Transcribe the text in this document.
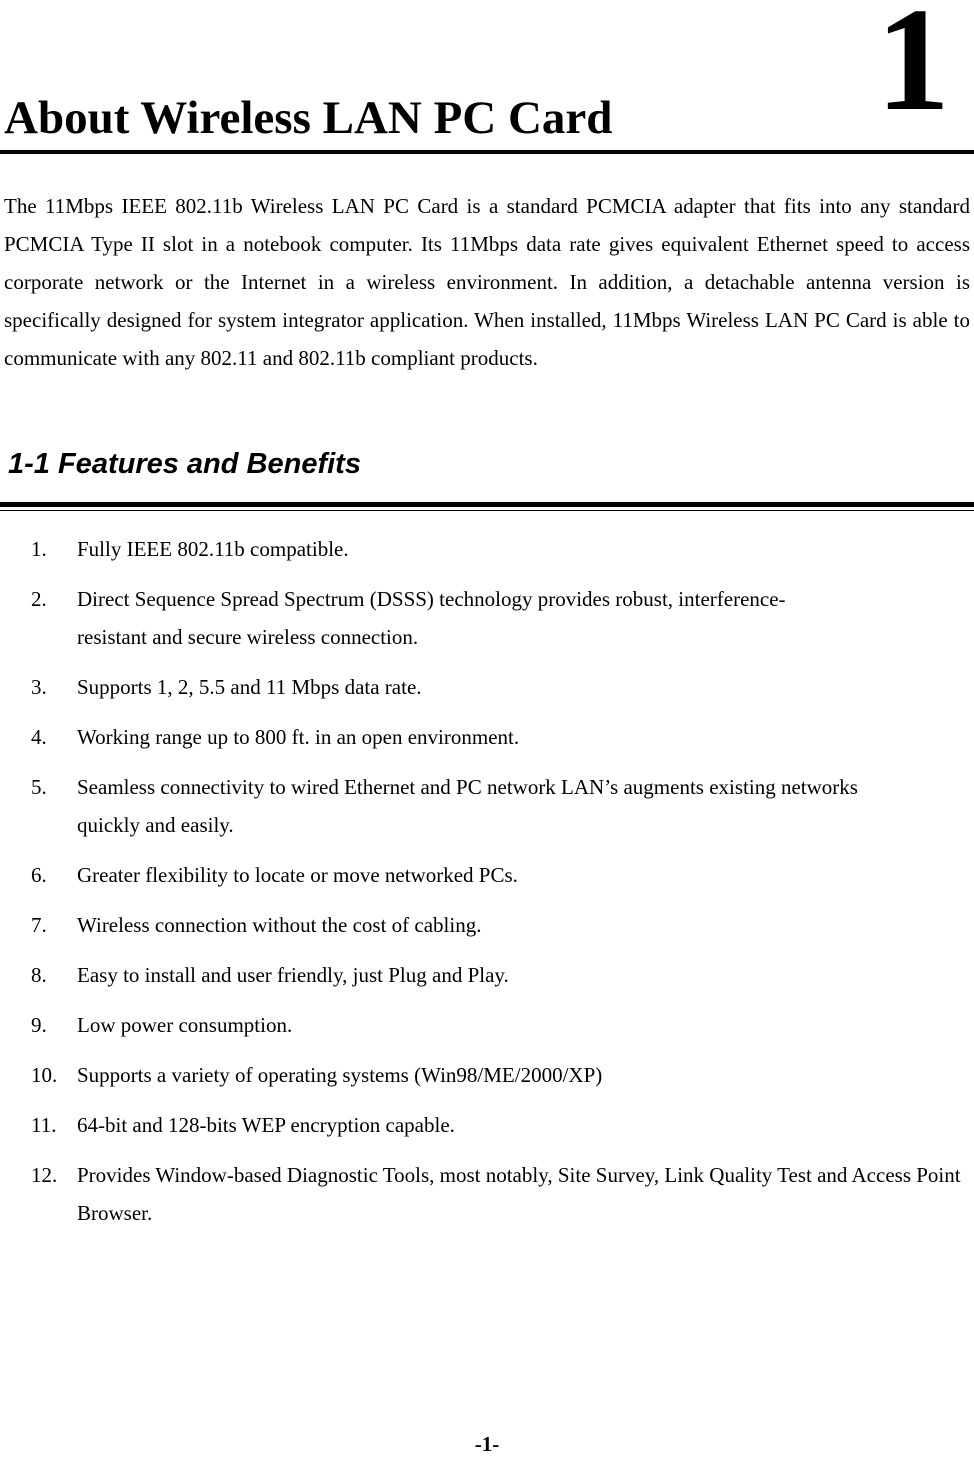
About Wireless LAN PC Card 1

The 11Mbps IEEE 802.11b Wireless LAN PC Card is a standard PCMCIA adapter that fits into any standard PCMCIA Type II slot in a notebook computer. Its 11Mbps data rate gives equivalent Ethernet speed to access corporate network or the Internet in a wireless environment. In addition, a detachable antenna version is specifically designed for system integrator application. When installed, 11Mbps Wireless LAN PC Card is able to communicate with any 802.11 and 802.11b compliant products.

1-1 Features and Benefits
1. Fully IEEE 802.11b compatible.
2. Direct Sequence Spread Spectrum (DSSS) technology provides robust, interference-resistant and secure wireless connection.
3. Supports 1, 2, 5.5 and 11 Mbps data rate.
4. Working range up to 800 ft. in an open environment.
5. Seamless connectivity to wired Ethernet and PC network LAN’s augments existing networks quickly and easily.
6. Greater flexibility to locate or move networked PCs.
7. Wireless connection without the cost of cabling.
8. Easy to install and user friendly, just Plug and Play.
9. Low power consumption.
10. Supports a variety of operating systems (Win98/ME/2000/XP)
11. 64-bit and 128-bits WEP encryption capable.
12. Provides Window-based Diagnostic Tools, most notably, Site Survey, Link Quality Test and Access Point Browser.
-1-
